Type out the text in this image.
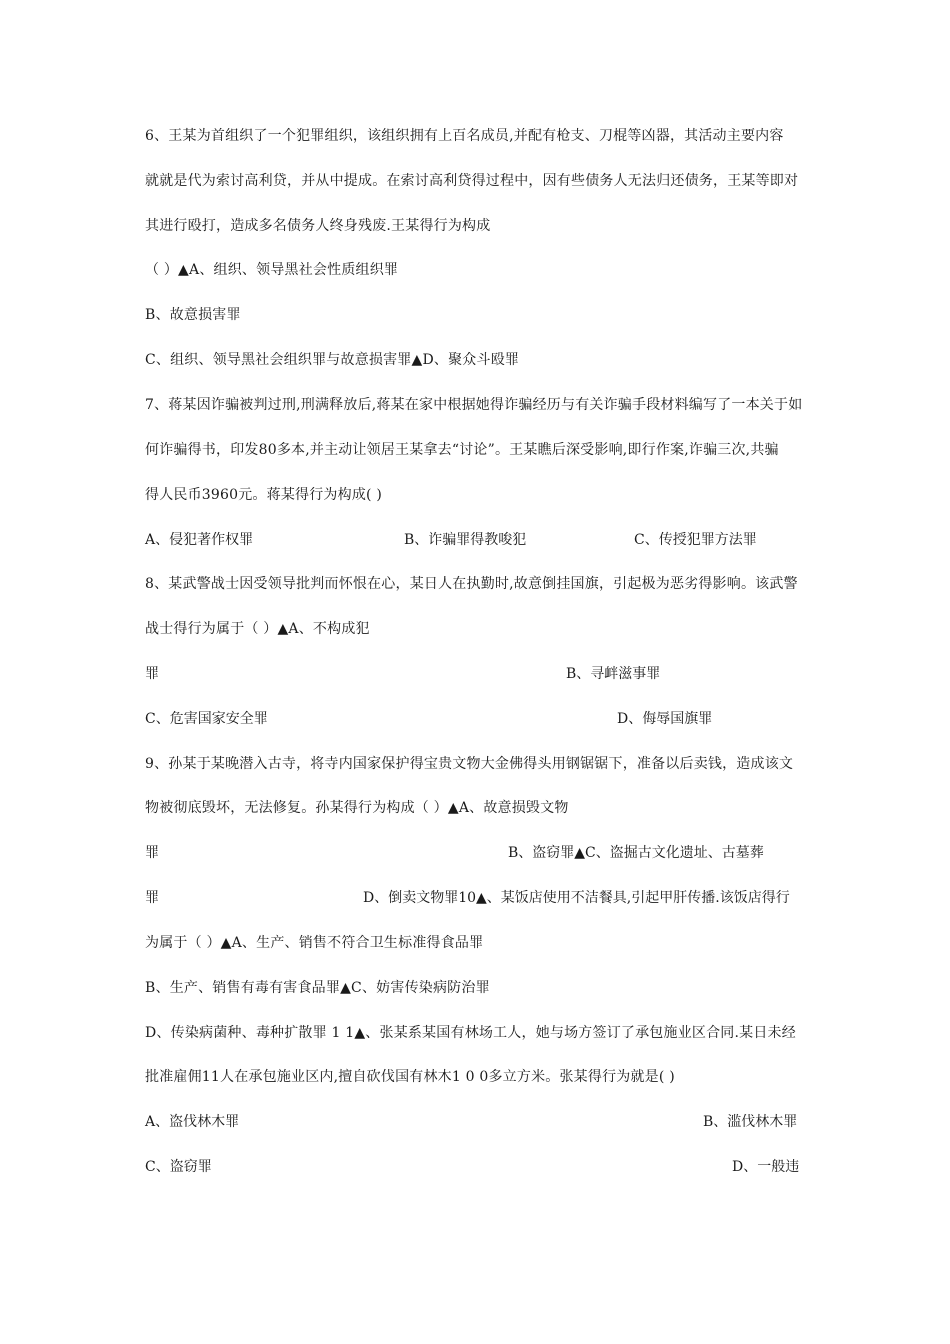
6、王某为首组织了一个犯罪组织，该组织拥有上百名成员,并配有枪支、刀棍等凶器，其活动主要内容
就就是代为索讨高利贷，并从中提成。在索讨高利贷得过程中，因有些债务人无法归还债务，王某等即对
其进行殴打，造成多名债务人终身残废.王某得行为构成
（ ）▲A、组织、领导黑社会性质组织罪
B、故意损害罪
C、组织、领导黑社会组织罪与故意损害罪▲D、聚众斗殴罪
7、蒋某因诈骗被判过刑,刑满释放后,蒋某在家中根据她得诈骗经历与有关诈骗手段材料编写了一本关于如
何诈骗得书，印发80多本,并主动让领居王某拿去“讨论”。王某瞧后深受影响,即行作案,诈骗三次,共骗
得人民币3960元。蒋某得行为构成( )
A、侵犯著作权罪	B、诈骗罪得教唆犯	C、传授犯罪方法罪
8、某武警战士因受领导批判而怀恨在心，某日人在执勤时,故意倒挂国旗，引起极为恶劣得影响。该武警
战士得行为属于（ ）▲A、不构成犯
罪	B、寻衅滋事罪
C、危害国家安全罪	D、侮辱国旗罪
9、孙某于某晚潜入古寺，将寺内国家保护得宝贵文物大金佛得头用钢锯锯下，准备以后卖钱，造成该文
物被彻底毁坏，无法修复。孙某得行为构成（ ）▲A、故意损毁文物
罪	B、盗窃罪▲C、盗掘古文化遗址、古墓葬
罪	D、倒卖文物罪10▲、某饭店使用不洁餐具,引起甲肝传播.该饭店得行
为属于（ ）▲A、生产、销售不符合卫生标准得食品罪
B、生产、销售有毒有害食品罪▲C、妨害传染病防治罪
D、传染病菌种、毒种扩散罪 1 1▲、张某系某国有林场工人，她与场方签订了承包施业区合同.某日未经
批准雇佣11人在承包施业区内,擅自砍伐国有林木1 0 0多立方米。张某得行为就是( )
A、盗伐林木罪	B、滥伐林木罪
C、盗窃罪	D、一般违
